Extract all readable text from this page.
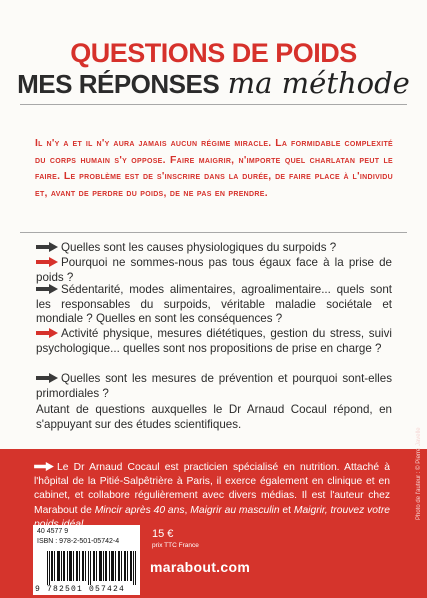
QUESTIONS DE POIDS
MES RÉPONSES ma méthode
Il n'y a et il n'y aura jamais aucun régime miracle. La formidable complexité du corps humain s'y oppose. Faire maigrir, n'importe quel charlatan peut le faire. Le problème est de s'inscrire dans la durée, de faire place à l'individu et, avant de perdre du poids, de ne pas en prendre.
Quelles sont les causes physiologiques du surpoids ?
Pourquoi ne sommes-nous pas tous égaux face à la prise de poids ?
Sédentarité, modes alimentaires, agroalimentaire... quels sont les responsables du surpoids, véritable maladie sociétale et mondiale ? Quelles en sont les conséquences ?
Activité physique, mesures diététiques, gestion du stress, suivi psychologique... quelles sont nos propositions de prise en charge ?
Quelles sont les mesures de prévention et pourquoi sont-elles primordiales ?
Autant de questions auxquelles le Dr Arnaud Cocaul répond, en s'appuyant sur des études scientifiques.
Le Dr Arnaud Cocaul est practicien spécialisé en nutrition. Attaché à l'hôpital de la Pitié-Salpêtrière à Paris, il exerce également en clinique et en cabinet, et collabore régulièrement avec divers médias. Il est l'auteur chez Marabout de Mincir après 40 ans, Maigrir au masculin et Maigrir, trouvez votre
40 4577 9
ISBN : 978-2-501-05742-4
9 782501 057424
15 €
prix TTC France
marabout.com
Photo de l'auteur : © Pierre Javelle
